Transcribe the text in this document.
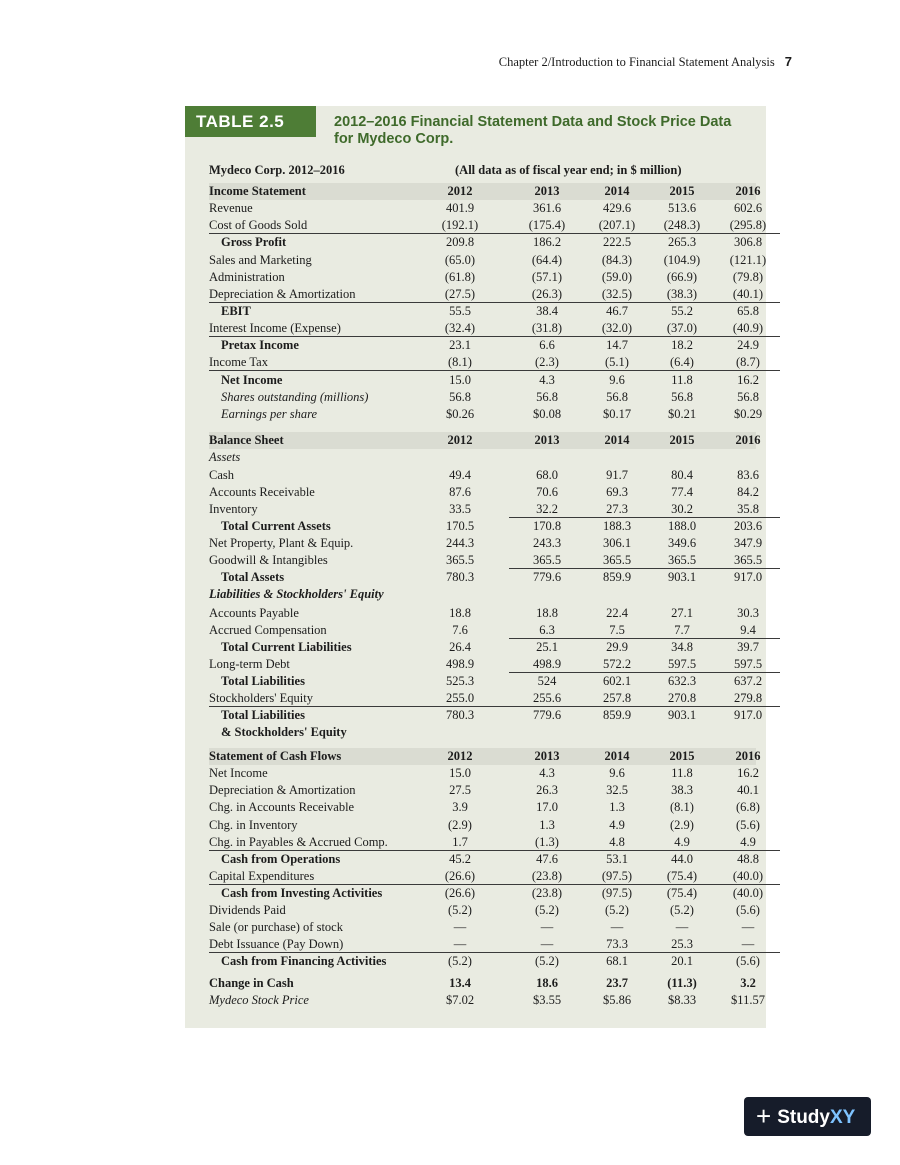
Chapter 2/Introduction to Financial Statement Analysis 7
TABLE 2.5	2012–2016 Financial Statement Data and Stock Price Data
for Mydeco Corp.
Mydeco Corp. 2012–2016	(All data as of fiscal year end; in $ million)
Income Statement	2012	2013	2014	2015	2016
Revenue	401.9	361.6	429.6	513.6	602.6
Cost of Goods Sold	(192.1)	(175.4)	(207.1)	(248.3)	(295.8)
Gross Profit	209.8	186.2	222.5	265.3	306.8
Sales and Marketing	(65.0)	(64.4)	(84.3)	(104.9)	(121.1)
Administration	(61.8)	(57.1)	(59.0)	(66.9)	(79.8)
Depreciation & Amortization	(27.5)	(26.3)	(32.5)	(38.3)	(40.1)
EBIT	55.5	38.4	46.7	55.2	65.8
Interest Income (Expense)	(32.4)	(31.8)	(32.0)	(37.0)	(40.9)
Pretax Income	23.1	6.6	14.7	18.2	24.9
Income Tax	(8.1)	(2.3)	(5.1)	(6.4)	(8.7)
Net Income	15.0	4.3	9.6	11.8	16.2
Shares outstanding (millions)	56.8	56.8	56.8	56.8	56.8
Earnings per share	$0.26	$0.08	$0.17	$0.21	$0.29
Balance Sheet	2012	2013	2014	2015	2016
Assets
Cash	49.4	68.0	91.7	80.4	83.6
Accounts Receivable	87.6	70.6	69.3	77.4	84.2
Inventory	33.5	32.2	27.3	30.2	35.8
Total Current Assets	170.5	170.8	188.3	188.0	203.6
Net Property, Plant & Equip.	244.3	243.3	306.1	349.6	347.9
Goodwill & Intangibles	365.5	365.5	365.5	365.5	365.5
Total Assets	780.3	779.6	859.9	903.1	917.0
Liabilities & Stockholders' Equity
Accounts Payable	18.8	18.8	22.4	27.1	30.3
Accrued Compensation	7.6	6.3	7.5	7.7	9.4
Total Current Liabilities	26.4	25.1	29.9	34.8	39.7
Long-term Debt	498.9	498.9	572.2	597.5	597.5
Total Liabilities	525.3	524	602.1	632.3	637.2
Stockholders' Equity	255.0	255.6	257.8	270.8	279.8
Total Liabilities	780.3	779.6	859.9	903.1	917.0
& Stockholders' Equity
Statement of Cash Flows	2012	2013	2014	2015	2016
Net Income	15.0	4.3	9.6	11.8	16.2
Depreciation & Amortization	27.5	26.3	32.5	38.3	40.1
Chg. in Accounts Receivable	3.9	17.0	1.3	(8.1)	(6.8)
Chg. in Inventory	(2.9)	1.3	4.9	(2.9)	(5.6)
Chg. in Payables & Accrued Comp.	1.7	(1.3)	4.8	4.9	4.9
Cash from Operations	45.2	47.6	53.1	44.0	48.8
Capital Expenditures	(26.6)	(23.8)	(97.5)	(75.4)	(40.0)
Cash from Investing Activities	(26.6)	(23.8)	(97.5)	(75.4)	(40.0)
Dividends Paid	(5.2)	(5.2)	(5.2)	(5.2)	(5.6)
Sale (or purchase) of stock	—	—	—	—	—
Debt Issuance (Pay Down)	—	—	73.3	25.3	—
Cash from Financing Activities	(5.2)	(5.2)	68.1	20.1	(5.6)
Change in Cash	13.4	18.6	23.7	(11.3)	3.2
Mydeco Stock Price	$7.02	$3.55	$5.86	$8.33	$11.57
+ StudyXY
